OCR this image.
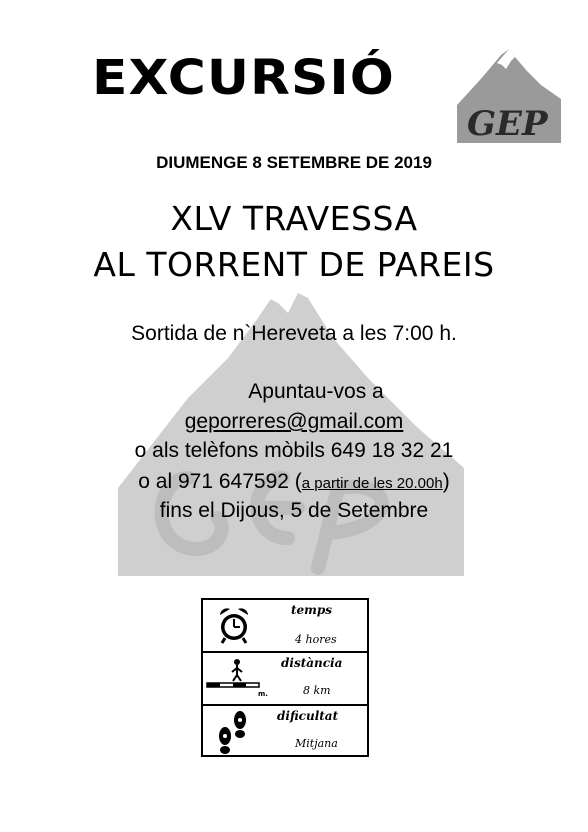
EXCURSIÓ
GEP
DIUMENGE 8 SETEMBRE DE 2019
XLV TRAVESSA
AL TORRENT DE PAREIS
Sortida de n`Hereveta a les 7:00 h.
Apuntau-vos a
geporreres@gmail.com
o als telèfons mòbils 649 18 32 21
o al 971 647592 (a partir de les 20.00h)
fins el Dijous, 5 de Setembre
temps
4 hores
m.
distància
8 km
dificultat
Mitjana
